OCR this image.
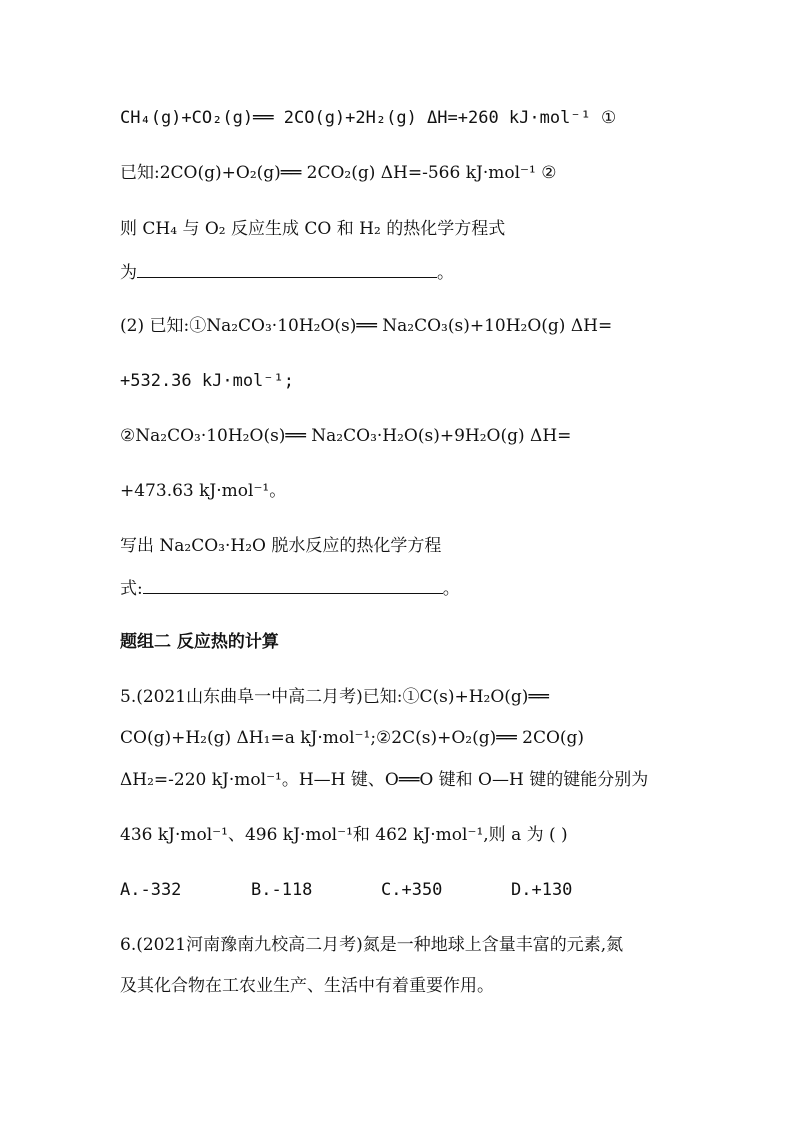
CH₄(g)+CO₂(g)══ 2CO(g)+2H₂(g) ΔH=+260 kJ·mol⁻¹ ①
已知:2CO(g)+O₂(g)══ 2CO₂(g) ΔH=-566 kJ·mol⁻¹ ②
则 CH₄ 与 O₂ 反应生成 CO 和 H₂ 的热化学方程式
为	。
(2) 已知:①Na₂CO₃·10H₂O(s)══ Na₂CO₃(s)+10H₂O(g) ΔH=
+532.36 kJ·mol⁻¹;
②Na₂CO₃·10H₂O(s)══ Na₂CO₃·H₂O(s)+9H₂O(g) ΔH=
+473.63 kJ·mol⁻¹。
写出 Na₂CO₃·H₂O 脱水反应的热化学方程
式:	。
题组二 反应热的计算
5.(2021山东曲阜一中高二月考)已知:①C(s)+H₂O(g)══
CO(g)+H₂(g) ΔH₁=a kJ·mol⁻¹;②2C(s)+O₂(g)══ 2CO(g)
ΔH₂=-220 kJ·mol⁻¹。H—H 键、O══O 键和 O—H 键的键能分别为
436 kJ·mol⁻¹、496 kJ·mol⁻¹和 462 kJ·mol⁻¹,则 a 为 ( )
A.-332	B.-118	C.+350	D.+130
6.(2021河南豫南九校高二月考)氮是一种地球上含量丰富的元素,氮
及其化合物在工农业生产、生活中有着重要作用。
